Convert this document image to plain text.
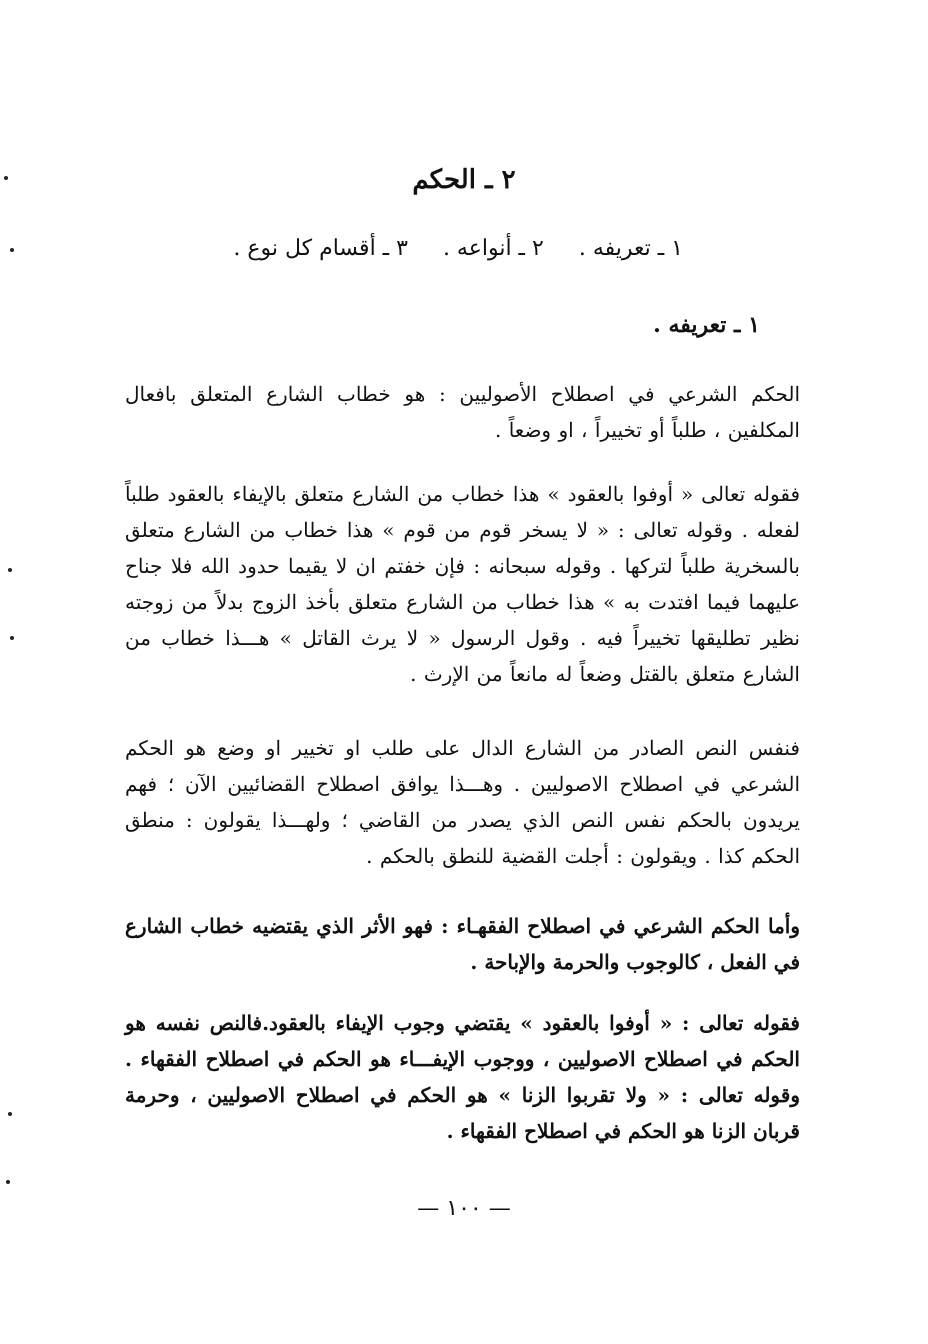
٢ ـ الحكم
١ ـ تعريفه . ٢ ـ أنواعه . ٣ ـ أقسام كل نوع .
١ ـ تعريفه .

الحكم الشرعي في اصطلاح الأصوليين : هو خطاب الشارع المتعلق بافعال المكلفين ، طلباً أو تخييراً ، او وضعاً .

فقوله تعالى « أوفوا بالعقود » هذا خطاب من الشارع متعلق بالإيفاء بالعقود طلباً لفعله . وقوله تعالى : « لا يسخر قوم من قوم » هذا خطاب من الشارع متعلق بالسخرية طلباً لتركها . وقوله سبحانه : فإن خفتم ان لا يقيما حدود الله فلا جناح عليهما فيما افتدت به » هذا خطاب من الشارع متعلق بأخذ الزوج بدلاً من زوجته نظير تطليقها تخييراً فيه . وقول الرسول « لا يرث القاتل » هـــذا خطاب من الشارع متعلق بالقتل وضعاً له مانعاً من الإرث .

فنفس النص الصادر من الشارع الدال على طلب او تخيير او وضع هو الحكم الشرعي في اصطلاح الاصوليين . وهـــذا يوافق اصطلاح القضائيين الآن ؛ فهم يريدون بالحكم نفس النص الذي يصدر من القاضي ؛ ولهـــذا يقولون : منطق الحكم كذا . ويقولون : أجلت القضية للنطق بالحكم .

وأما الحكم الشرعي في اصطلاح الفقهـاء : فهو الأثر الذي يقتضيه خطاب الشارع في الفعل ، كالوجوب والحرمة والإباحة .

فقوله تعالى : « أوفوا بالعقود » يقتضي وجوب الإيفاء بالعقود.فالنص نفسه هو الحكم في اصطلاح الاصوليين ، ووجوب الإيفـــاء هو الحكم في اصطلاح الفقهاء . وقوله تعالى : « ولا تقربوا الزنا » هو الحكم في اصطلاح الاصوليين ، وحرمة قربان الزنا هو الحكم في اصطلاح الفقهاء .

— ١٠٠ —
